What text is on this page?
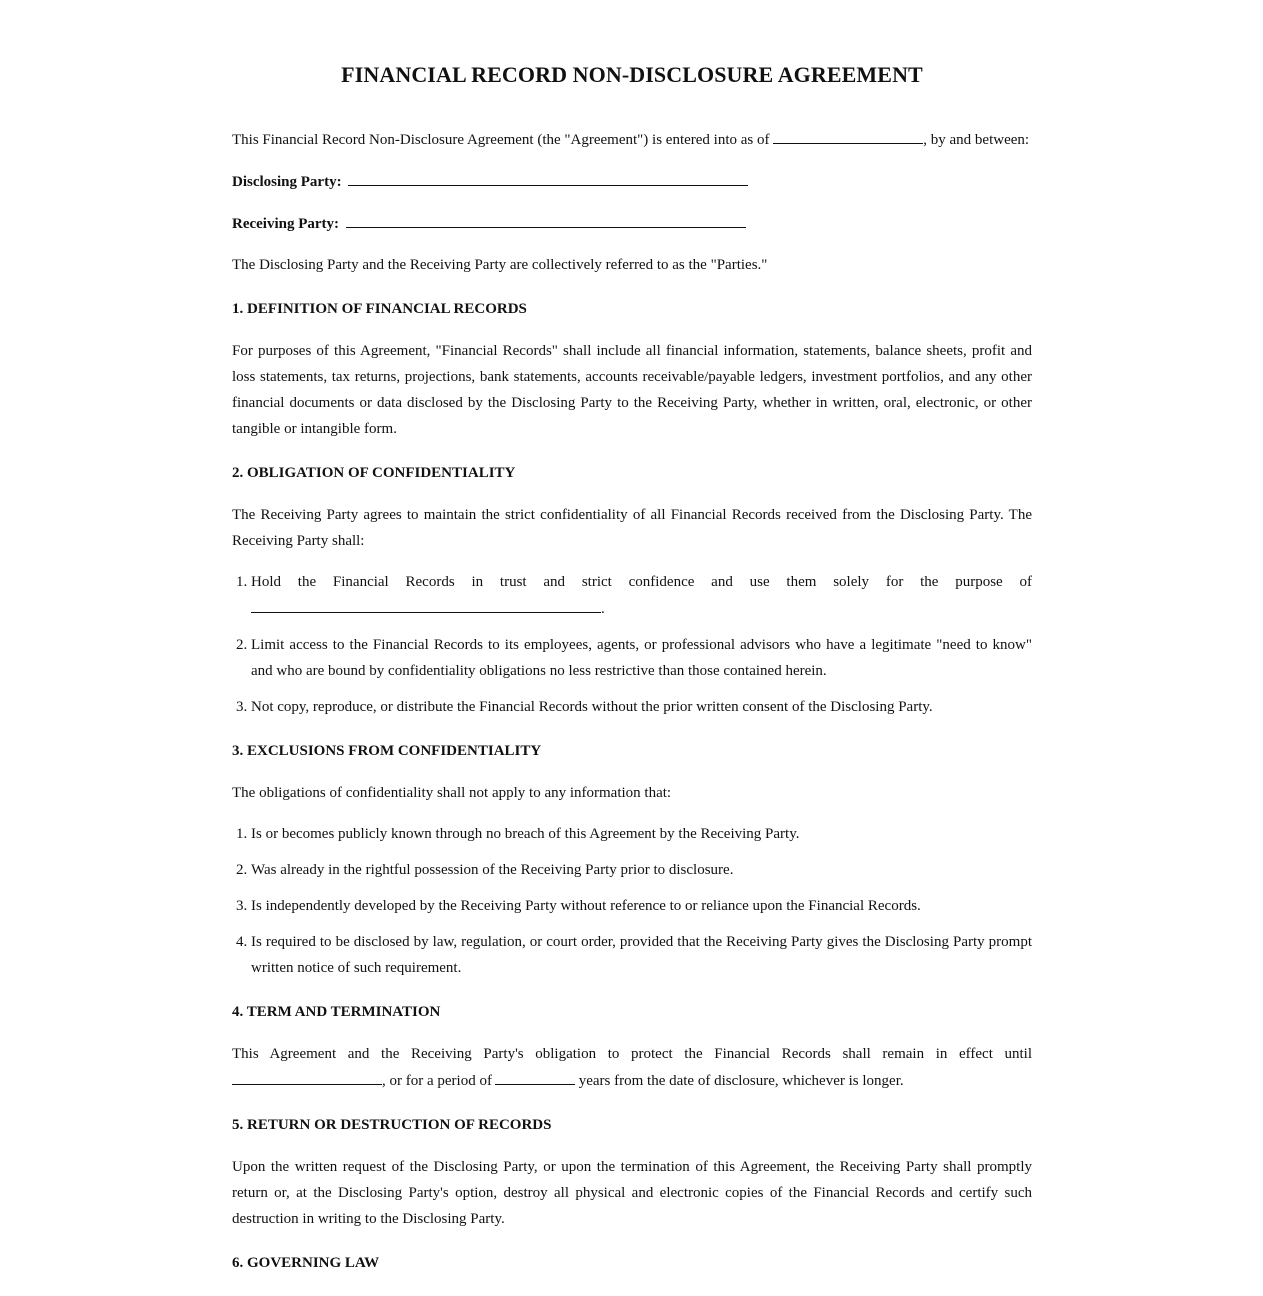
FINANCIAL RECORD NON-DISCLOSURE AGREEMENT

This Financial Record Non-Disclosure Agreement (the "Agreement") is entered into as of	, by and between:

Disclosing Party:
Receiving Party:

The Disclosing Party and the Receiving Party are collectively referred to as the "Parties."

1. DEFINITION OF FINANCIAL RECORDS

For purposes of this Agreement, "Financial Records" shall include all financial information, statements, balance sheets, profit and loss statements, tax returns, projections, bank statements, accounts receivable/payable ledgers, investment portfolios, and any other financial documents or data disclosed by the Disclosing Party to the Receiving Party, whether in written, oral, electronic, or other tangible or intangible form.

2. OBLIGATION OF CONFIDENTIALITY

The Receiving Party agrees to maintain the strict confidentiality of all Financial Records received from the Disclosing Party. The Receiving Party shall:

1. Hold the Financial Records in trust and strict confidence and use them solely for the purpose of .
2. Limit access to the Financial Records to its employees, agents, or professional advisors who have a legitimate "need to know" and who are bound by confidentiality obligations no less restrictive than those contained herein.
3. Not copy, reproduce, or distribute the Financial Records without the prior written consent of the Disclosing Party.
3. EXCLUSIONS FROM CONFIDENTIALITY

The obligations of confidentiality shall not apply to any information that:

1. Is or becomes publicly known through no breach of this Agreement by the Receiving Party.
2. Was already in the rightful possession of the Receiving Party prior to disclosure.
3. Is independently developed by the Receiving Party without reference to or reliance upon the Financial Records.
4. Is required to be disclosed by law, regulation, or court order, provided that the Receiving Party gives the Disclosing Party prompt written notice of such requirement.
4. TERM AND TERMINATION

This Agreement and the Receiving Party's obligation to protect the Financial Records shall remain in effect until , or for a period of	years from the date of disclosure, whichever is longer.

5. RETURN OR DESTRUCTION OF RECORDS

Upon the written request of the Disclosing Party, or upon the termination of this Agreement, the Receiving Party shall promptly return or, at the Disclosing Party's option, destroy all physical and electronic copies of the Financial Records and certify such destruction in writing to the Disclosing Party.

6. GOVERNING LAW
